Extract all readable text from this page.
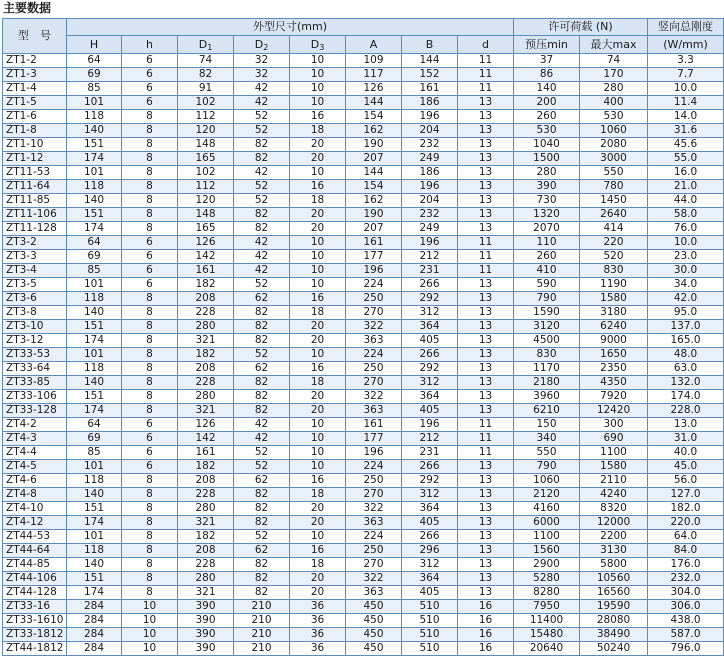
主要数据
型　号	外型尺寸(mm)								许可荷载 (N)		竖向总刚度
	H	h	$D_1$	$D_2$	$D_3$	A	B	d	预压min	最大max	(W/mm)
ZT1-2	64	6	74	32	10	109	144	11	37	74	3.3
ZT1-3	69	6	82	32	10	117	152	11	86	170	7.7
ZT1-4	85	6	91	42	10	126	161	11	140	280	10.0
ZT1-5	101	6	102	42	10	144	186	13	200	400	11.4
ZT1-6	118	8	112	52	16	154	196	13	260	530	14.0
ZT1-8	140	8	120	52	18	162	204	13	530	1060	31.6
ZT1-10	151	8	148	82	20	190	232	13	1040	2080	45.6
ZT1-12	174	8	165	82	20	207	249	13	1500	3000	55.0
ZT11-53	101	8	102	42	10	144	186	13	280	550	16.0
ZT11-64	118	8	112	52	16	154	196	13	390	780	21.0
ZT11-85	140	8	120	52	18	162	204	13	730	1450	44.0
ZT11-106	151	8	148	82	20	190	232	13	1320	2640	58.0
ZT11-128	174	8	165	82	20	207	249	13	2070	414	76.0
ZT3-2	64	6	126	42	10	161	196	11	110	220	10.0
ZT3-3	69	6	142	42	10	177	212	11	260	520	23.0
ZT3-4	85	6	161	42	10	196	231	11	410	830	30.0
ZT3-5	101	6	182	52	10	224	266	13	590	1190	34.0
ZT3-6	118	8	208	62	16	250	292	13	790	1580	42.0
ZT3-8	140	8	228	82	18	270	312	13	1590	3180	95.0
ZT3-10	151	8	280	82	20	322	364	13	3120	6240	137.0
ZT3-12	174	8	321	82	20	363	405	13	4500	9000	165.0
ZT33-53	101	8	182	52	10	224	266	13	830	1650	48.0
ZT33-64	118	8	208	62	16	250	292	13	1170	2350	63.0
ZT33-85	140	8	228	82	18	270	312	13	2180	4350	132.0
ZT33-106	151	8	280	82	20	322	364	13	3960	7920	174.0
ZT33-128	174	8	321	82	20	363	405	13	6210	12420	228.0
ZT4-2	64	6	126	42	10	161	196	11	150	300	13.0
ZT4-3	69	6	142	42	10	177	212	11	340	690	31.0
ZT4-4	85	6	161	52	10	196	231	11	550	1100	40.0
ZT4-5	101	6	182	52	10	224	266	13	790	1580	45.0
ZT4-6	118	8	208	62	16	250	292	13	1060	2110	56.0
ZT4-8	140	8	228	82	18	270	312	13	2120	4240	127.0
ZT4-10	151	8	280	82	20	322	364	13	4160	8320	182.0
ZT4-12	174	8	321	82	20	363	405	13	6000	12000	220.0
ZT44-53	101	8	182	52	10	224	266	13	1100	2200	64.0
ZT44-64	118	8	208	62	16	250	296	13	1560	3130	84.0
ZT44-85	140	8	228	82	18	270	312	13	2900	5800	176.0
ZT44-106	151	8	280	82	20	322	364	13	5280	10560	232.0
ZT44-128	174	8	321	82	20	363	405	13	8280	16560	304.0
ZT33-16	284	10	390	210	36	450	510	16	7950	19590	306.0
ZT33-1610	284	10	390	210	36	450	510	16	11400	28080	438.0
ZT33-1812	284	10	390	210	36	450	510	16	15480	38490	587.0
ZT44-1812	284	10	390	210	36	450	510	16	20640	50240	796.0
